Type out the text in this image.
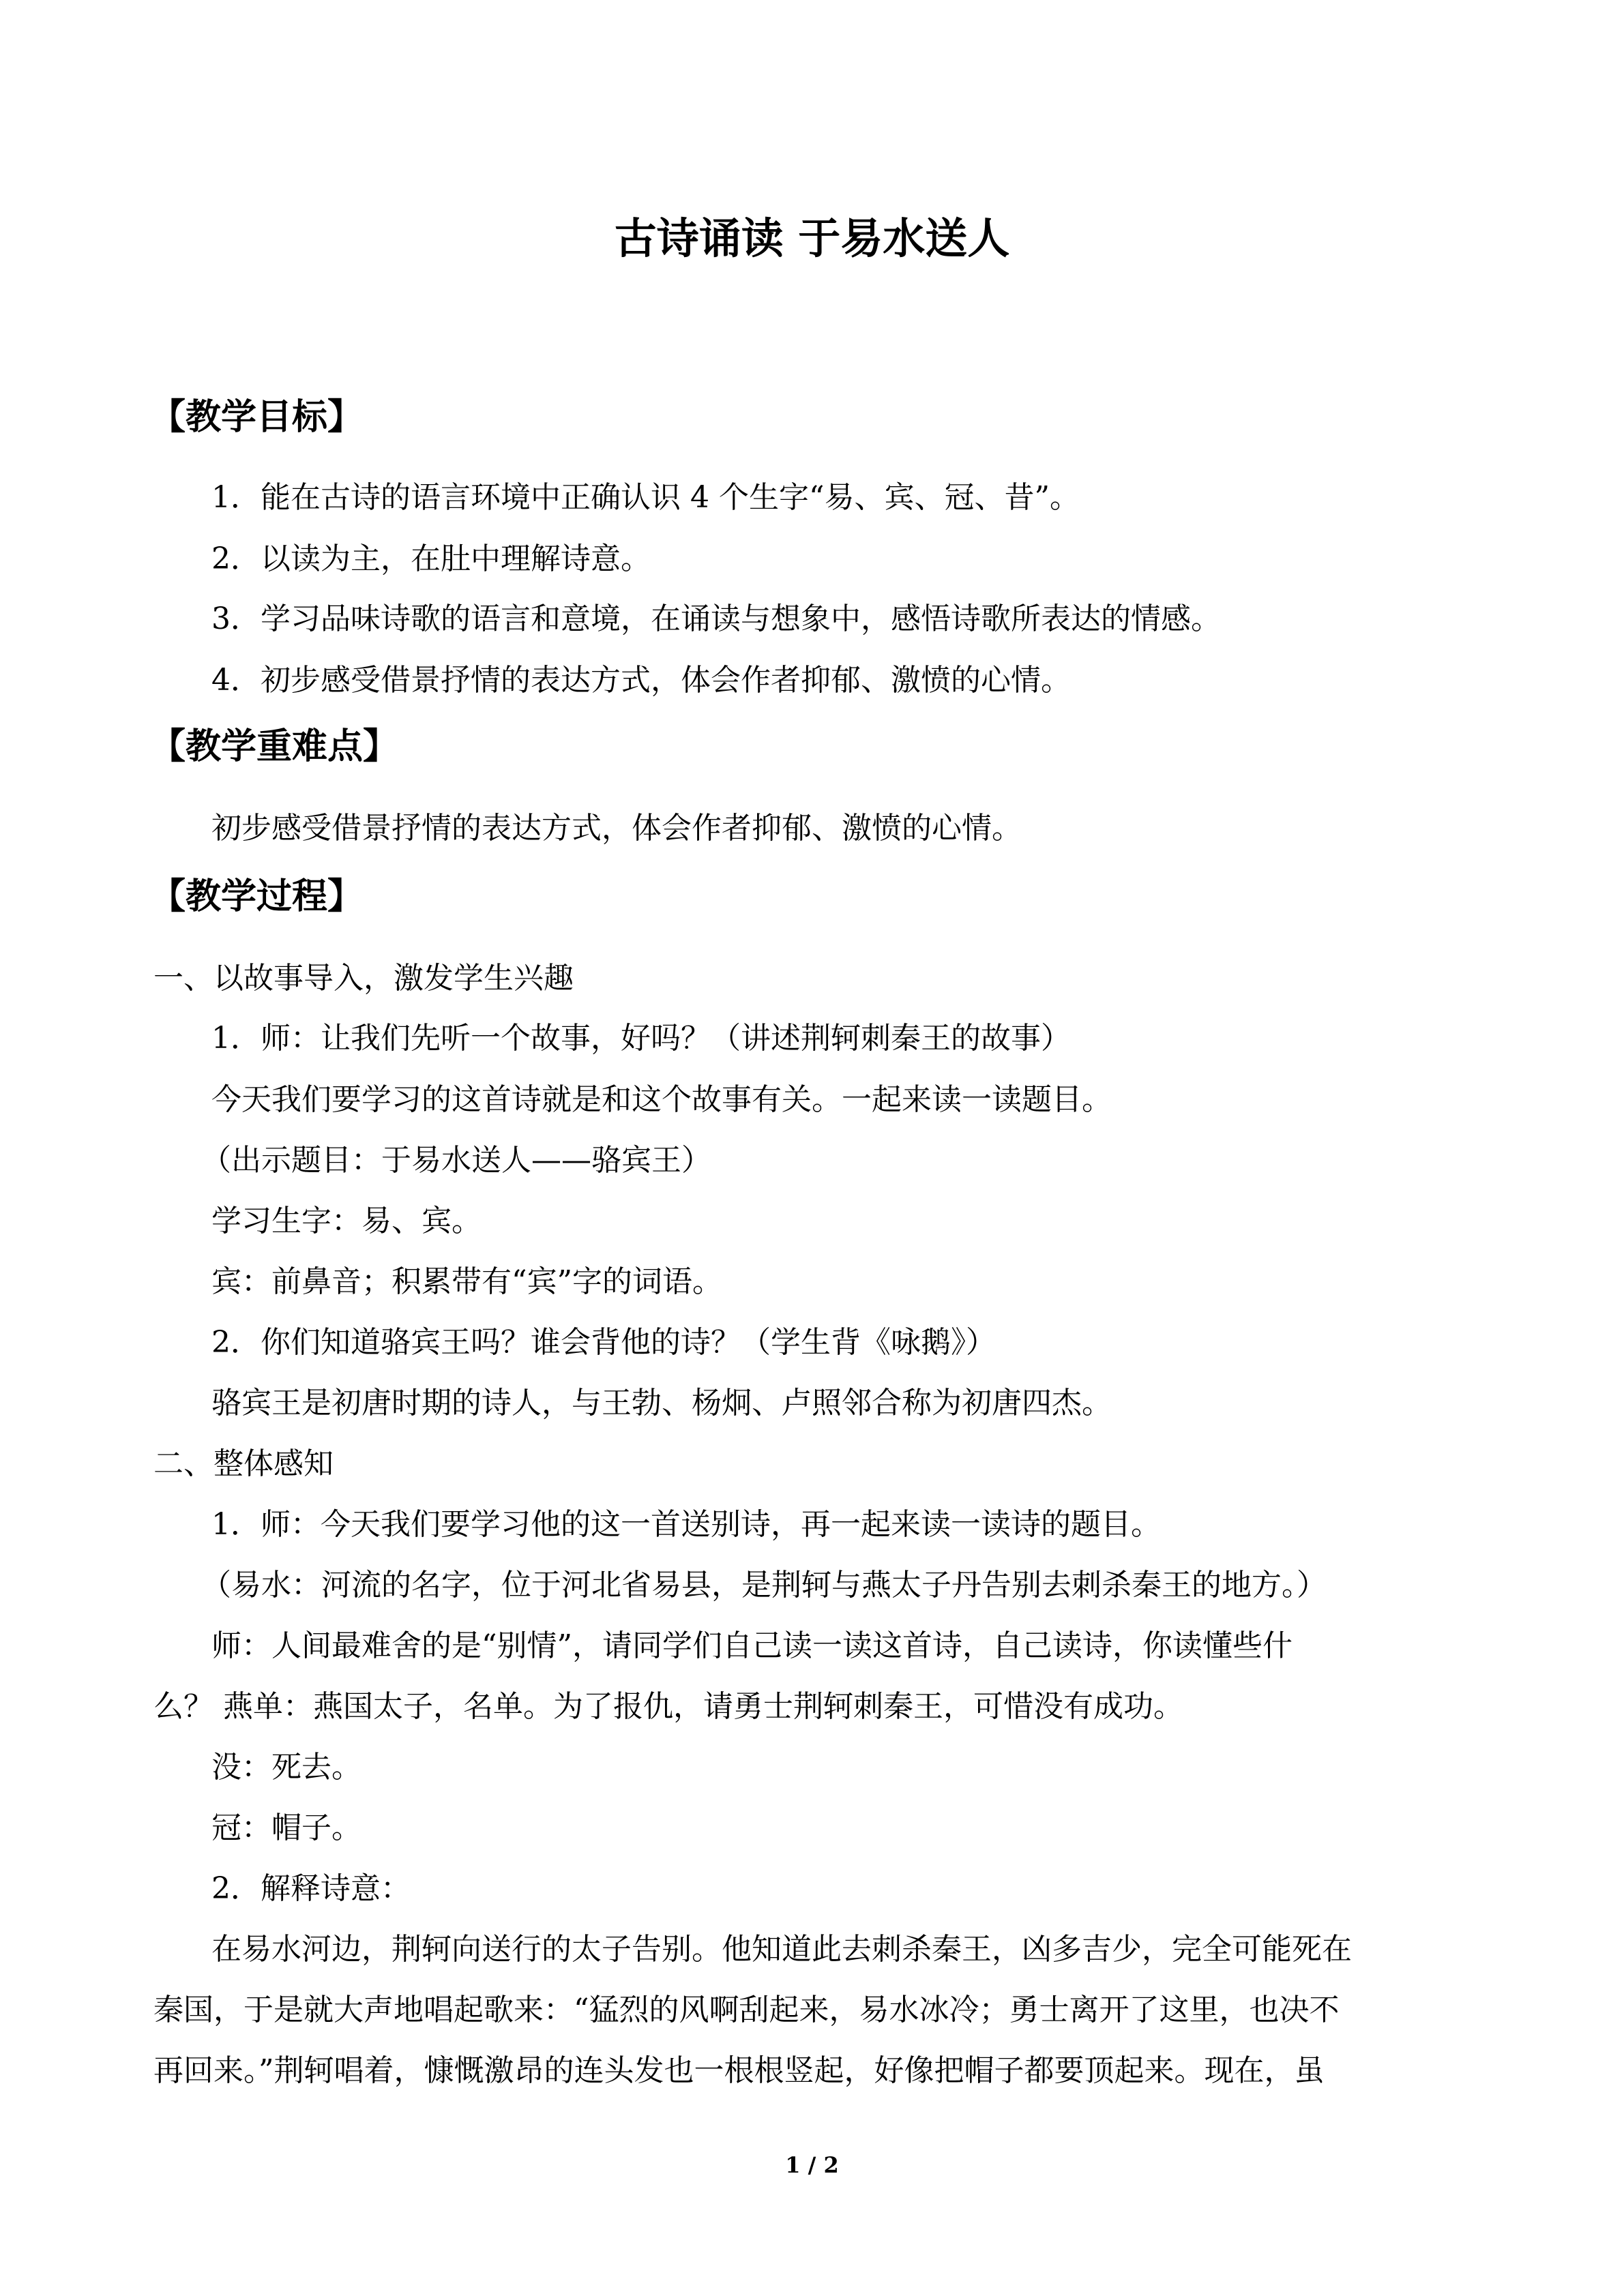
古诗诵读 于易水送人
【教学目标】
1．能在古诗的语言环境中正确认识 4 个生字“易、宾、冠、昔”。
2．以读为主，在肚中理解诗意。
3．学习品味诗歌的语言和意境，在诵读与想象中，感悟诗歌所表达的情感。
4．初步感受借景抒情的表达方式，体会作者抑郁、激愤的心情。
【教学重难点】
初步感受借景抒情的表达方式，体会作者抑郁、激愤的心情。
【教学过程】
一、以故事导入，激发学生兴趣
1．师：让我们先听一个故事，好吗？（讲述荆轲刺秦王的故事）
今天我们要学习的这首诗就是和这个故事有关。一起来读一读题目。
（出示题目：于易水送人——骆宾王）
学习生字：易、宾。
宾：前鼻音；积累带有“宾”字的词语。
2．你们知道骆宾王吗？谁会背他的诗？（学生背《咏鹅》）
骆宾王是初唐时期的诗人，与王勃、杨炯、卢照邻合称为初唐四杰。
二、整体感知
1．师：今天我们要学习他的这一首送别诗，再一起来读一读诗的题目。
（易水：河流的名字，位于河北省易县，是荆轲与燕太子丹告别去刺杀秦王的地方。）
师：人间最难舍的是“别情”，请同学们自己读一读这首诗，自己读诗，你读懂些什
么？ 燕单：燕国太子，名单。为了报仇，请勇士荆轲刺秦王，可惜没有成功。
没：死去。
冠：帽子。
2．解释诗意：
在易水河边，荆轲向送行的太子告别。他知道此去刺杀秦王，凶多吉少，完全可能死在
秦国，于是就大声地唱起歌来：“猛烈的风啊刮起来，易水冰冷；勇士离开了这里，也决不
再回来。”荆轲唱着，慷慨激昂的连头发也一根根竖起，好像把帽子都要顶起来。现在，虽
1 / 2
